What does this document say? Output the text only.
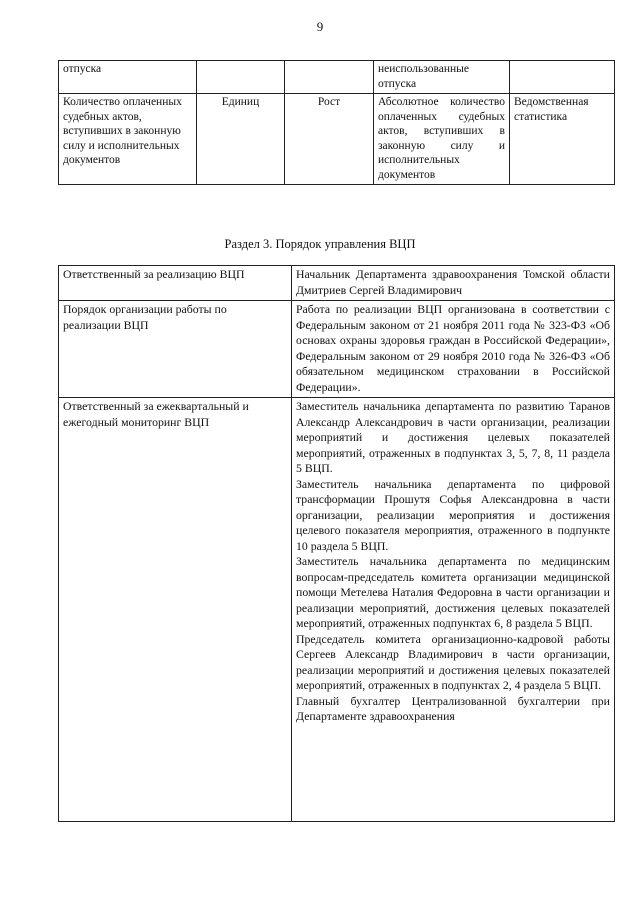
9
отпуска			неиспользованные отпуска	
Количество оплаченных судебных актов, вступивших в законную силу и исполнительных документов	Единиц	Рост	Абсолютное количество оплаченных судебных актов, вступивших в законную силу и исполнительных документов	Ведомственная статистика
Раздел 3. Порядок управления ВЦП
Ответственный за реализацию ВЦП	Начальник Департамента здравоохранения Томской области Дмитриев Сергей Владимирович
Порядок организации работы по реализации ВЦП	Работа по реализации ВЦП организована в соответствии с Федеральным законом от 21 ноября 2011 года № 323-ФЗ «Об основах охраны здоровья граждан в Российской Федерации», Федеральным законом от 29 ноября 2010 года № 326-ФЗ «Об обязательном медицинском страховании в Российской Федерации».
Ответственный за ежеквартальный и ежегодный мониторинг ВЦП	Заместитель начальника департамента по развитию Таранов Александр Александрович в части организации, реализации мероприятий и достижения целевых показателей мероприятий, отраженных в подпунктах 3, 5, 7, 8, 11 раздела 5 ВЦП.
Заместитель начальника департамента по цифровой трансформации Прошутя Софья Александровна в части организации, реализации мероприятия и достижения целевого показателя мероприятия, отраженного в подпункте 10 раздела 5 ВЦП.
Заместитель начальника департамента по медицинским вопросам-председатель комитета организации медицинской помощи Метелева Наталия Федоровна в части организации и реализации мероприятий, достижения целевых показателей мероприятий, отраженных подпунктах 6, 8 раздела 5 ВЦП.
Председатель комитета организационно-кадровой работы Сергеев Александр Владимирович в части организации, реализации мероприятий и достижения целевых показателей мероприятий, отраженных в подпунктах 2, 4 раздела 5 ВЦП.
Главный бухгалтер Централизованной бухгалтерии при Департаменте здравоохранения
